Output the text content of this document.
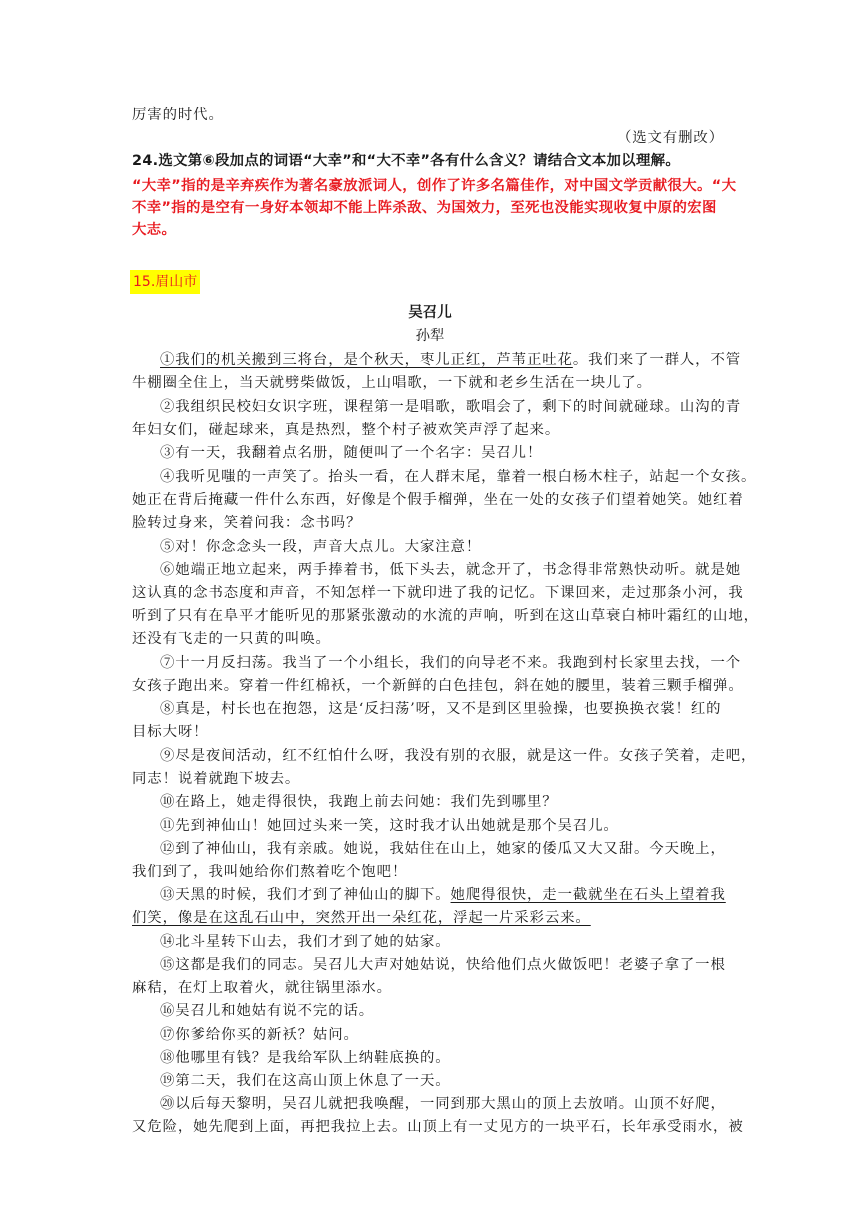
厉害的时代。
（选文有删改）
24.选文第⑥段加点的词语“大幸”和“大不幸”各有什么含义？请结合文本加以理解。
“大幸”指的是辛弃疾作为著名豪放派词人，创作了许多名篇佳作，对中国文学贡献很大。“大
不幸”指的是空有一身好本领却不能上阵杀敌、为国效力，至死也没能实现收复中原的宏图
大志。
15.眉山市
吴召儿
孙犁
①我们的机关搬到三将台，是个秋天，枣儿正红，芦苇正吐花。我们来了一群人，不管
牛棚圈全住上，当天就劈柴做饭，上山唱歌，一下就和老乡生活在一块儿了。
②我组织民校妇女识字班，课程第一是唱歌，歌唱会了，剩下的时间就碰球。山沟的青
年妇女们，碰起球来，真是热烈，整个村子被欢笑声浮了起来。
③有一天，我翻着点名册，随便叫了一个名字：吴召儿！
④我听见嗤的一声笑了。抬头一看，在人群末尾，靠着一根白杨木柱子，站起一个女孩。
她正在背后掩藏一件什么东西，好像是个假手榴弹，坐在一处的女孩子们望着她笑。她红着
脸转过身来，笑着问我：念书吗？
⑤对！你念念头一段，声音大点儿。大家注意！
⑥她端正地立起来，两手捧着书，低下头去，就念开了，书念得非常熟快动听。就是她
这认真的念书态度和声音，不知怎样一下就印进了我的记忆。下课回来，走过那条小河，我
听到了只有在阜平才能听见的那紧张激动的水流的声响，听到在这山草衰白柿叶霜红的山地，
还没有飞走的一只黄的叫唤。
⑦十一月反扫荡。我当了一个小组长，我们的向导老不来。我跑到村长家里去找，一个
女孩子跑出来。穿着一件红棉袄，一个新鲜的白色挂包，斜在她的腰里，装着三颗手榴弹。
⑧真是，村长也在抱怨，这是‘反扫荡’呀，又不是到区里验操，也要换换衣裳！红的
目标大呀！
⑨尽是夜间活动，红不红怕什么呀，我没有别的衣服，就是这一件。女孩子笑着，走吧，
同志！说着就跑下坡去。
⑩在路上，她走得很快，我跑上前去问她：我们先到哪里？
⑪先到神仙山！她回过头来一笑，这时我才认出她就是那个吴召儿。
⑫到了神仙山，我有亲戚。她说，我姑住在山上，她家的倭瓜又大又甜。今天晚上，
我们到了，我叫她给你们熬着吃个饱吧！
⑬天黑的时候，我们才到了神仙山的脚下。她爬得很快，走一截就坐在石头上望着我
们笑，像是在这乱石山中，突然开出一朵红花，浮起一片采彩云来。
⑭北斗星转下山去，我们才到了她的姑家。
⑮这都是我们的同志。吴召儿大声对她姑说，快给他们点火做饭吧！老婆子拿了一根
麻秸，在灯上取着火，就往锅里添水。
⑯吴召儿和她姑有说不完的话。
⑰你爹给你买的新袄？姑问。
⑱他哪里有钱？是我给军队上纳鞋底换的。
⑲第二天，我们在这高山顶上休息了一天。
⑳以后每天黎明，吴召儿就把我唤醒，一同到那大黑山的顶上去放哨。山顶不好爬，
又危险，她先爬到上面，再把我拉上去。山顶上有一丈见方的一块平石，长年承受雨水，被
